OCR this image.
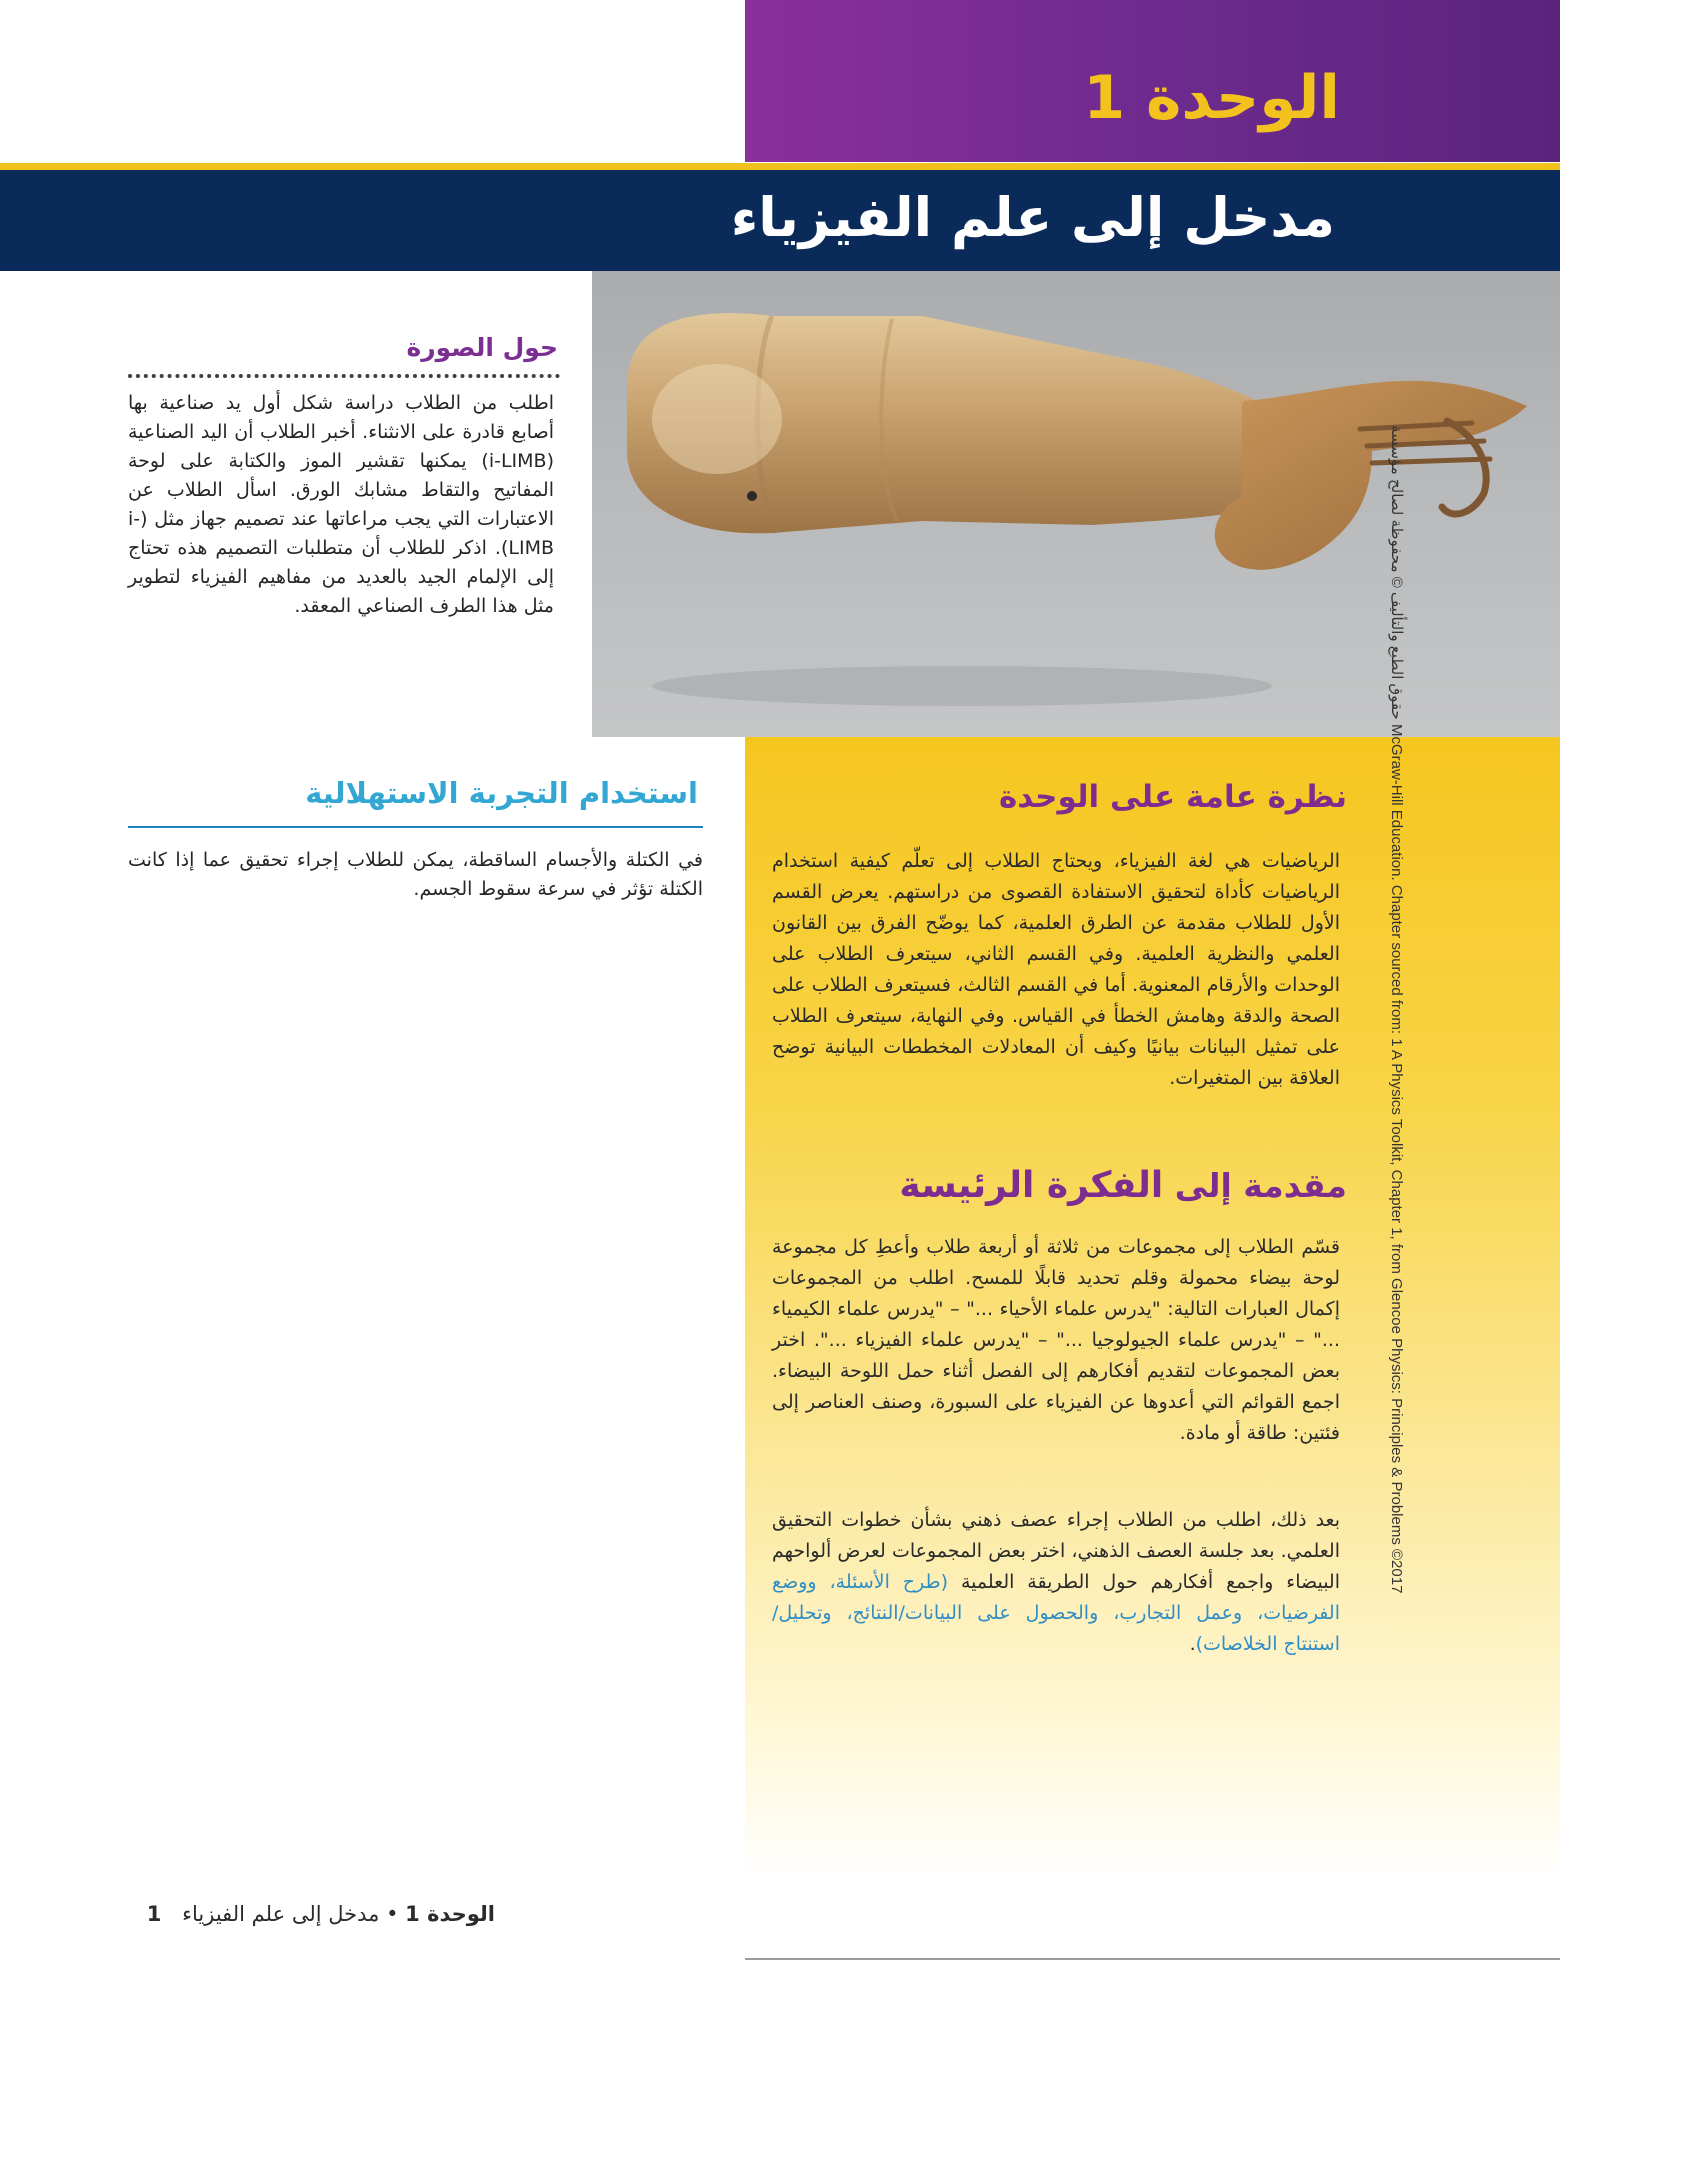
الوحدة 1
مدخل إلى علم الفيزياء
حقوق الطبع والتأليف © محفوظة لصالح مؤسسة McGraw-Hill Education. Chapter sourced from: 1 A Physics Toolkit, Chapter 1, from Glencoe Physics: Principles & Problems ©2017
حول الصورة
اطلب من الطلاب دراسة شكل أول يد صناعية بها أصابع قادرة على الانثناء. أخبر الطلاب أن اليد الصناعية (i-LIMB) يمكنها تقشير الموز والكتابة على لوحة المفاتيح والتقاط مشابك الورق. اسأل الطلاب عن الاعتبارات التي يجب مراعاتها عند تصميم جهاز مثل (i-LIMB). اذكر للطلاب أن متطلبات التصميم هذه تحتاج إلى الإلمام الجيد بالعديد من مفاهيم الفيزياء لتطوير مثل هذا الطرف الصناعي المعقد.
استخدام التجربة الاستهلالية
في الكتلة والأجسام الساقطة، يمكن للطلاب إجراء تحقيق عما إذا كانت الكتلة تؤثر في سرعة سقوط الجسم.
نظرة عامة على الوحدة
الرياضيات هي لغة الفيزياء، ويحتاج الطلاب إلى تعلّم كيفية استخدام الرياضيات كأداة لتحقيق الاستفادة القصوى من دراستهم. يعرض القسم الأول للطلاب مقدمة عن الطرق العلمية، كما يوضّح الفرق بين القانون العلمي والنظرية العلمية. وفي القسم الثاني، سيتعرف الطلاب على الوحدات والأرقام المعنوية. أما في القسم الثالث، فسيتعرف الطلاب على الصحة والدقة وهامش الخطأ في القياس. وفي النهاية، سيتعرف الطلاب على تمثيل البيانات بيانيًا وكيف أن المعادلات المخططات البيانية توضح العلاقة بين المتغيرات.
مقدمة إلى الفكرة الرئيسة
قسّم الطلاب إلى مجموعات من ثلاثة أو أربعة طلاب وأعطِ كل مجموعة لوحة بيضاء محمولة وقلم تحديد قابلًا للمسح. اطلب من المجموعات إكمال العبارات التالية: "يدرس علماء الأحياء ..." – "يدرس علماء الكيمياء ..." – "يدرس علماء الجيولوجيا ..." – "يدرس علماء الفيزياء ...". اختر بعض المجموعات لتقديم أفكارهم إلى الفصل أثناء حمل اللوحة البيضاء. اجمع القوائم التي أعدوها عن الفيزياء على السبورة، وصنف العناصر إلى فئتين: طاقة أو مادة.
بعد ذلك، اطلب من الطلاب إجراء عصف ذهني بشأن خطوات التحقيق العلمي. بعد جلسة العصف الذهني، اختر بعض المجموعات لعرض ألواحهم البيضاء واجمع أفكارهم حول الطريقة العلمية (طرح الأسئلة، ووضع الفرضيات، وعمل التجارب، والحصول على البيانات/النتائج، وتحليل/استنتاج الخلاصات).
الوحدة 1 • مدخل إلى علم الفيزياء 1
